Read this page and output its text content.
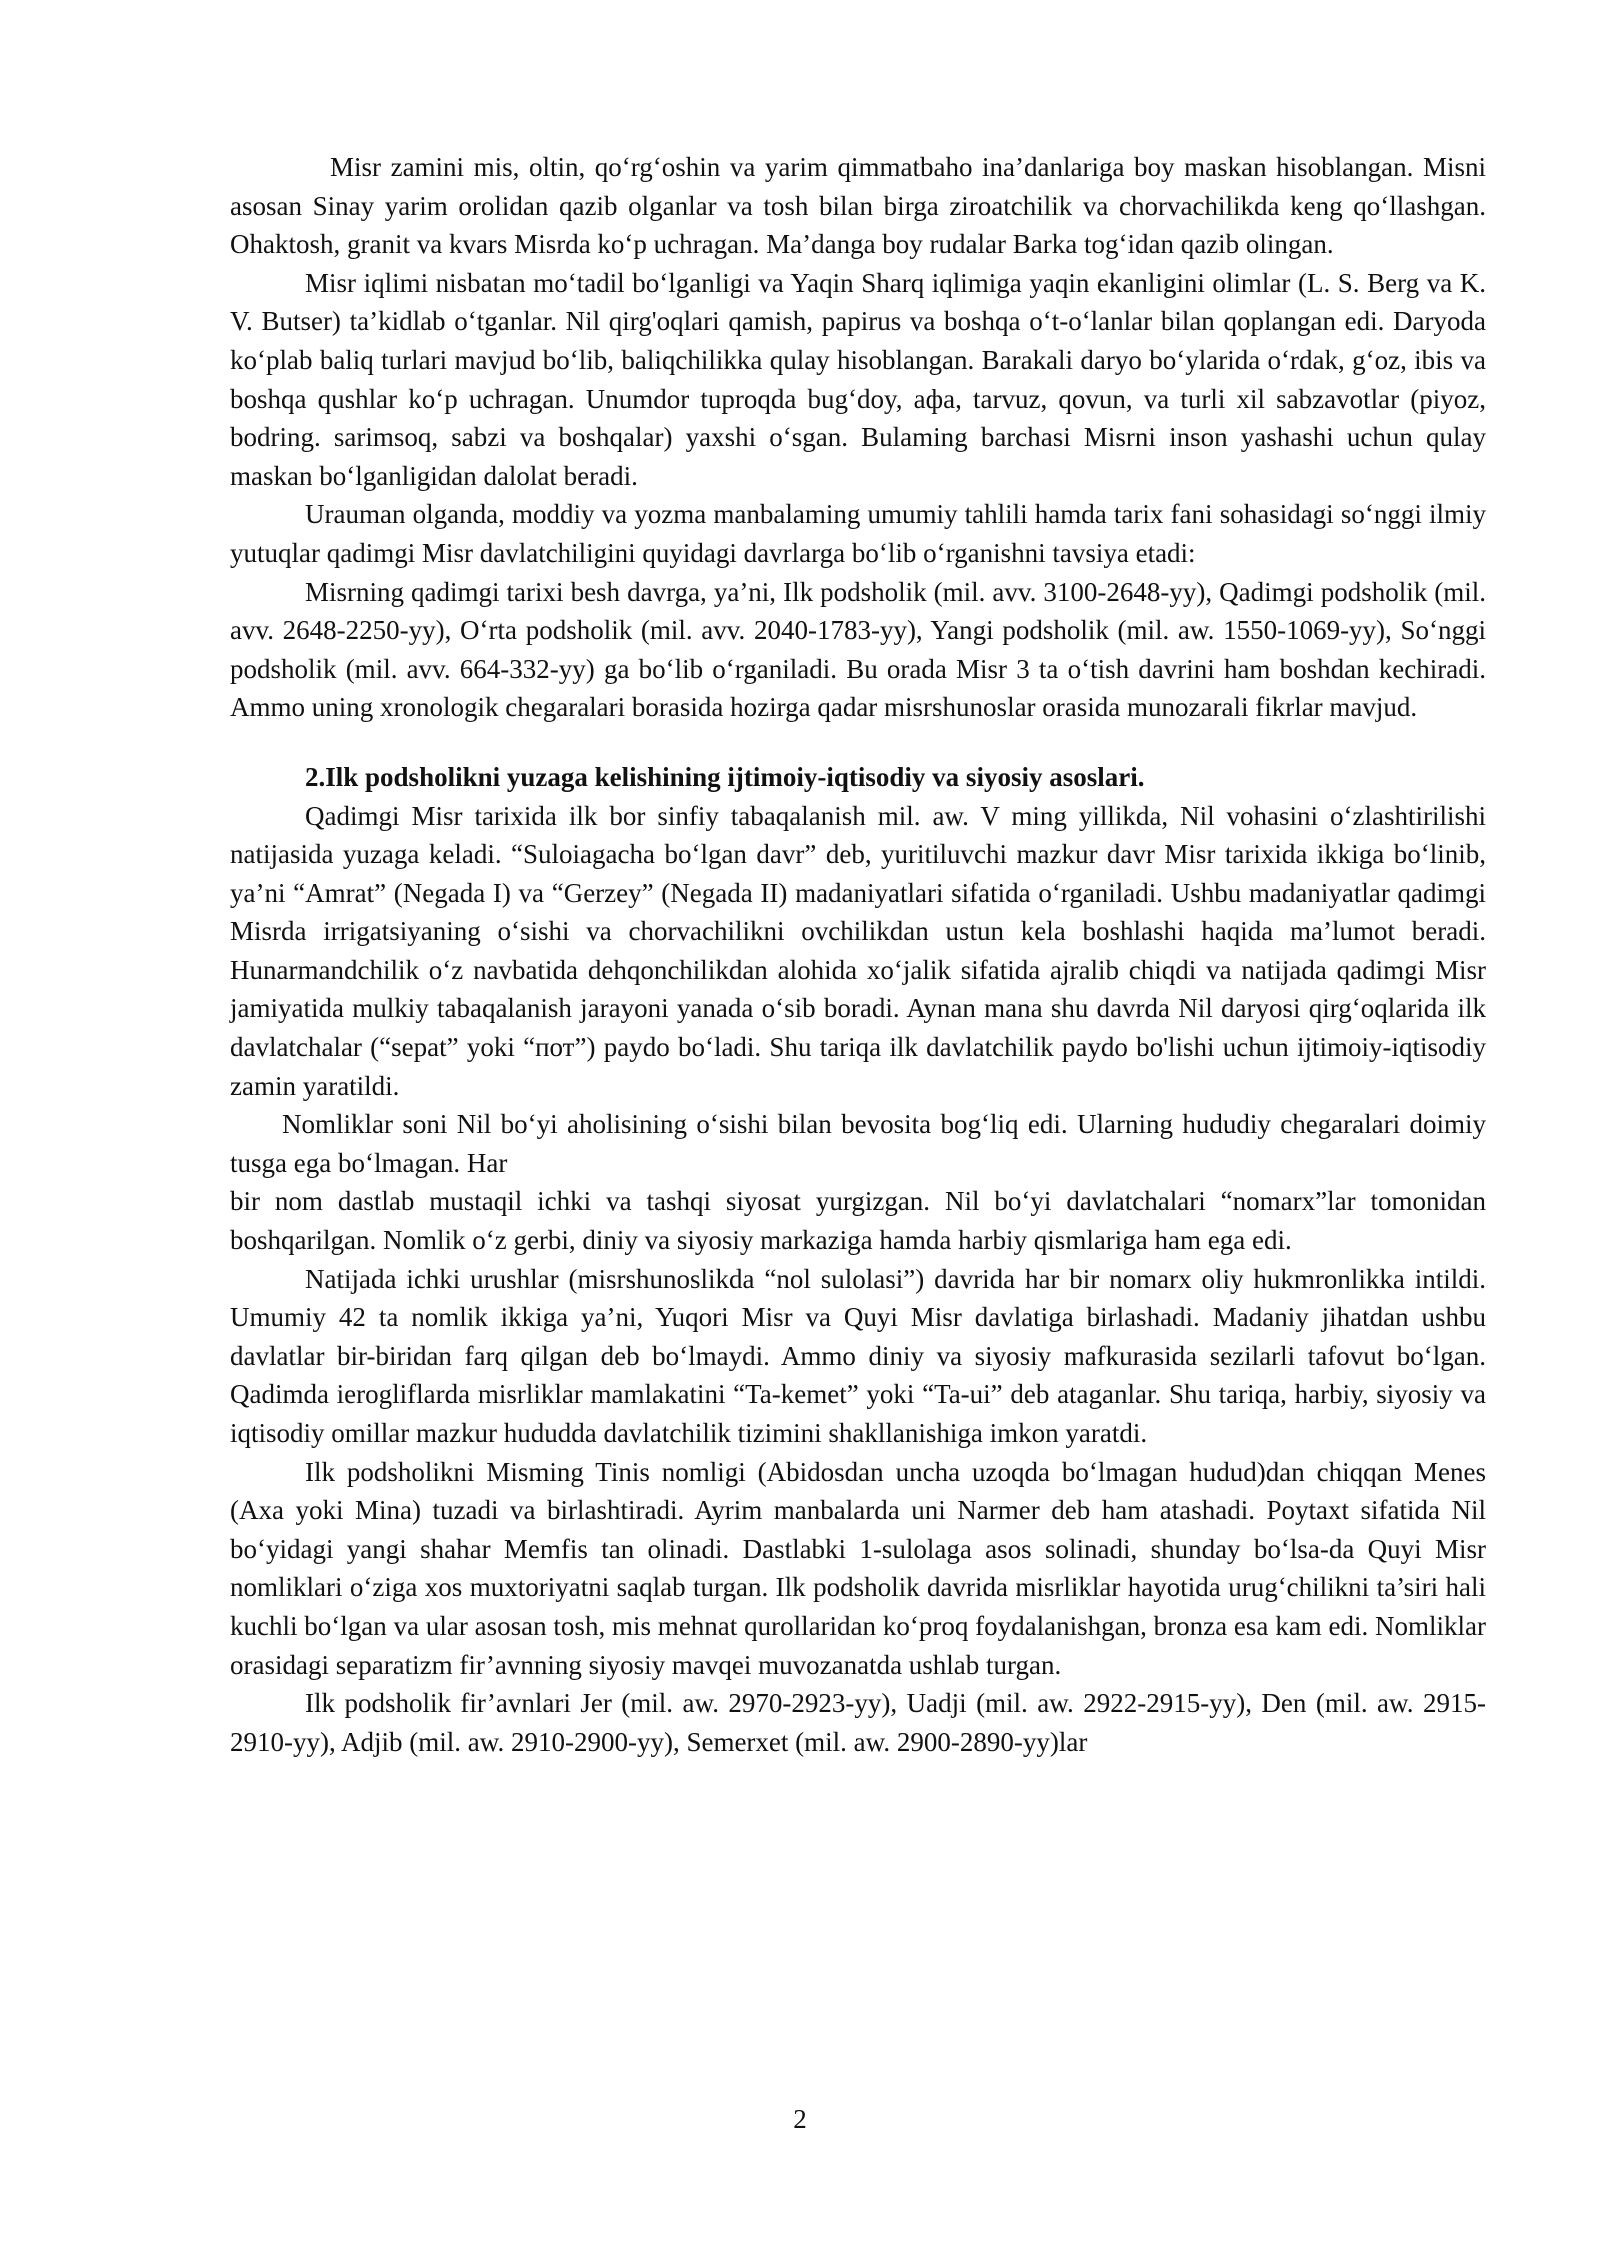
Misr zamini mis, oltin, qo‘rg‘oshin va yarim qimmatbaho ina’danlariga boy maskan hisoblangan. Misni asosan Sinay yarim orolidan qazib olganlar va tosh bilan birga ziroatchilik va chorvachilikda keng qo‘llashgan. Ohaktosh, granit va kvars Misrda ko‘p uchragan. Ma’danga boy rudalar Barka tog‘idan qazib olingan.

Misr iqlimi nisbatan mo‘tadil bo‘lganligi va Yaqin Sharq iqlimiga yaqin ekanligini olimlar (L. S. Berg va K. V. Butser) ta’kidlab o‘tganlar. Nil qirg'oqlari qamish, papirus va boshqa o‘t-o‘lanlar bilan qoplangan edi. Daryoda ko‘plab baliq turlari mavjud bo‘lib, baliqchilikka qulay hisoblangan. Barakali daryo bo‘ylarida o‘rdak, g‘oz, ibis va boshqa qushlar ko‘p uchragan. Unumdor tuproqda bug‘doy, aфa, tarvuz, qovun, va turli xil sabzavotlar (piyoz, bodring. sarimsoq, sabzi va boshqalar) yaxshi o‘sgan. Bulaming barchasi Misrni inson yashashi uchun qulay maskan bo‘lganligidan dalolat beradi.

Urauman olganda, moddiy va yozma manbalaming umumiy tahlili hamda tarix fani sohasidagi so‘nggi ilmiy yutuqlar qadimgi Misr davlatchiligini quyidagi davrlarga bo‘lib o‘rganishni tavsiya etadi:

Misrning qadimgi tarixi besh davrga, ya’ni, Ilk podsholik (mil. avv. 3100-2648-yy), Qadimgi podsholik (mil. avv. 2648-2250-yy), O‘rta podsholik (mil. avv. 2040-1783-yy), Yangi podsholik (mil. aw. 1550-1069-yy), So‘nggi podsholik (mil. avv. 664-332-yy) ga bo‘lib o‘rganiladi. Bu orada Misr 3 ta o‘tish davrini ham boshdan kechiradi. Ammo uning xronologik chegaralari borasida hozirga qadar misrshunoslar orasida munozarali fikrlar mavjud.

2.Ilk podsholikni yuzaga kelishining ijtimoiy-iqtisodiy va siyosiy asoslari.

Qadimgi Misr tarixida ilk bor sinfiy tabaqalanish mil. aw. V ming yillikda, Nil vohasini o‘zlashtirilishi natijasida yuzaga keladi. “Suloiagacha bo‘lgan davr” deb, yuritiluvchi mazkur davr Misr tarixida ikkiga bo‘linib, ya’ni “Amrat” (Negada I) va “Gerzey” (Negada II) madaniyatlari sifatida o‘rganiladi. Ushbu madaniyatlar qadimgi Misrda irrigatsiyaning o‘sishi va chorvachilikni ovchilikdan ustun kela boshlashi haqida ma’lumot beradi. Hunarmandchilik o‘z navbatida dehqonchilikdan alohida xo‘jalik sifatida ajralib chiqdi va natijada qadimgi Misr jamiyatida mulkiy tabaqalanish jarayoni yanada o‘sib boradi. Aynan mana shu davrda Nil daryosi qirg‘oqlarida ilk davlatchalar (“sepat” yoki “пот”) paydo bo‘ladi. Shu tariqa ilk davlatchilik paydo bo'lishi uchun ijtimoiy-iqtisodiy zamin yaratildi.

Nomliklar soni Nil bo‘yi aholisining o‘sishi bilan bevosita bog‘liq edi. Ularning hududiy chegaralari doimiy tusga ega bo‘lmagan. Har

bir nom dastlab mustaqil ichki va tashqi siyosat yurgizgan. Nil bo‘yi davlatchalari “nomarx”lar tomonidan boshqarilgan. Nomlik o‘z gerbi, diniy va siyosiy markaziga hamda harbiy qismlariga ham ega edi.

Natijada ichki urushlar (misrshunoslikda “nol sulolasi”) davrida har bir nomarx oliy hukmronlikka intildi. Umumiy 42 ta nomlik ikkiga ya’ni, Yuqori Misr va Quyi Misr davlatiga birlashadi. Madaniy jihatdan ushbu davlatlar bir-biridan farq qilgan deb bo‘lmaydi. Ammo diniy va siyosiy mafkurasida sezilarli tafovut bo‘lgan. Qadimda ierogliflarda misrliklar mamlakatini “Ta-kemet” yoki “Ta-ui” deb ataganlar. Shu tariqa, harbiy, siyosiy va iqtisodiy omillar mazkur hududda davlatchilik tizimini shakllanishiga imkon yaratdi.

Ilk podsholikni Misming Tinis nomligi (Abidosdan uncha uzoqda bo‘lmagan hudud)dan chiqqan Menes (Axa yoki Mina) tuzadi va birlashtiradi. Ayrim manbalarda uni Narmer deb ham atashadi. Poytaxt sifatida Nil bo‘yidagi yangi shahar Memfis tan olinadi. Dastlabki 1-sulolaga asos solinadi, shunday bo‘lsa-da Quyi Misr nomliklari o‘ziga xos muxtoriyatni saqlab turgan. Ilk podsholik davrida misrliklar hayotida urug‘chilikni ta’siri hali kuchli bo‘lgan va ular asosan tosh, mis mehnat qurollaridan ko‘proq foydalanishgan, bronza esa kam edi. Nomliklar orasidagi separatizm fir’avnning siyosiy mavqei muvozanatda ushlab turgan.

Ilk podsholik fir’avnlari Jer (mil. aw. 2970-2923-yy), Uadji (mil. aw. 2922-2915-yy), Den (mil. aw. 2915-2910-yy), Adjib (mil. aw. 2910-2900-yy), Semerxet (mil. aw. 2900-2890-yy)lar

2
